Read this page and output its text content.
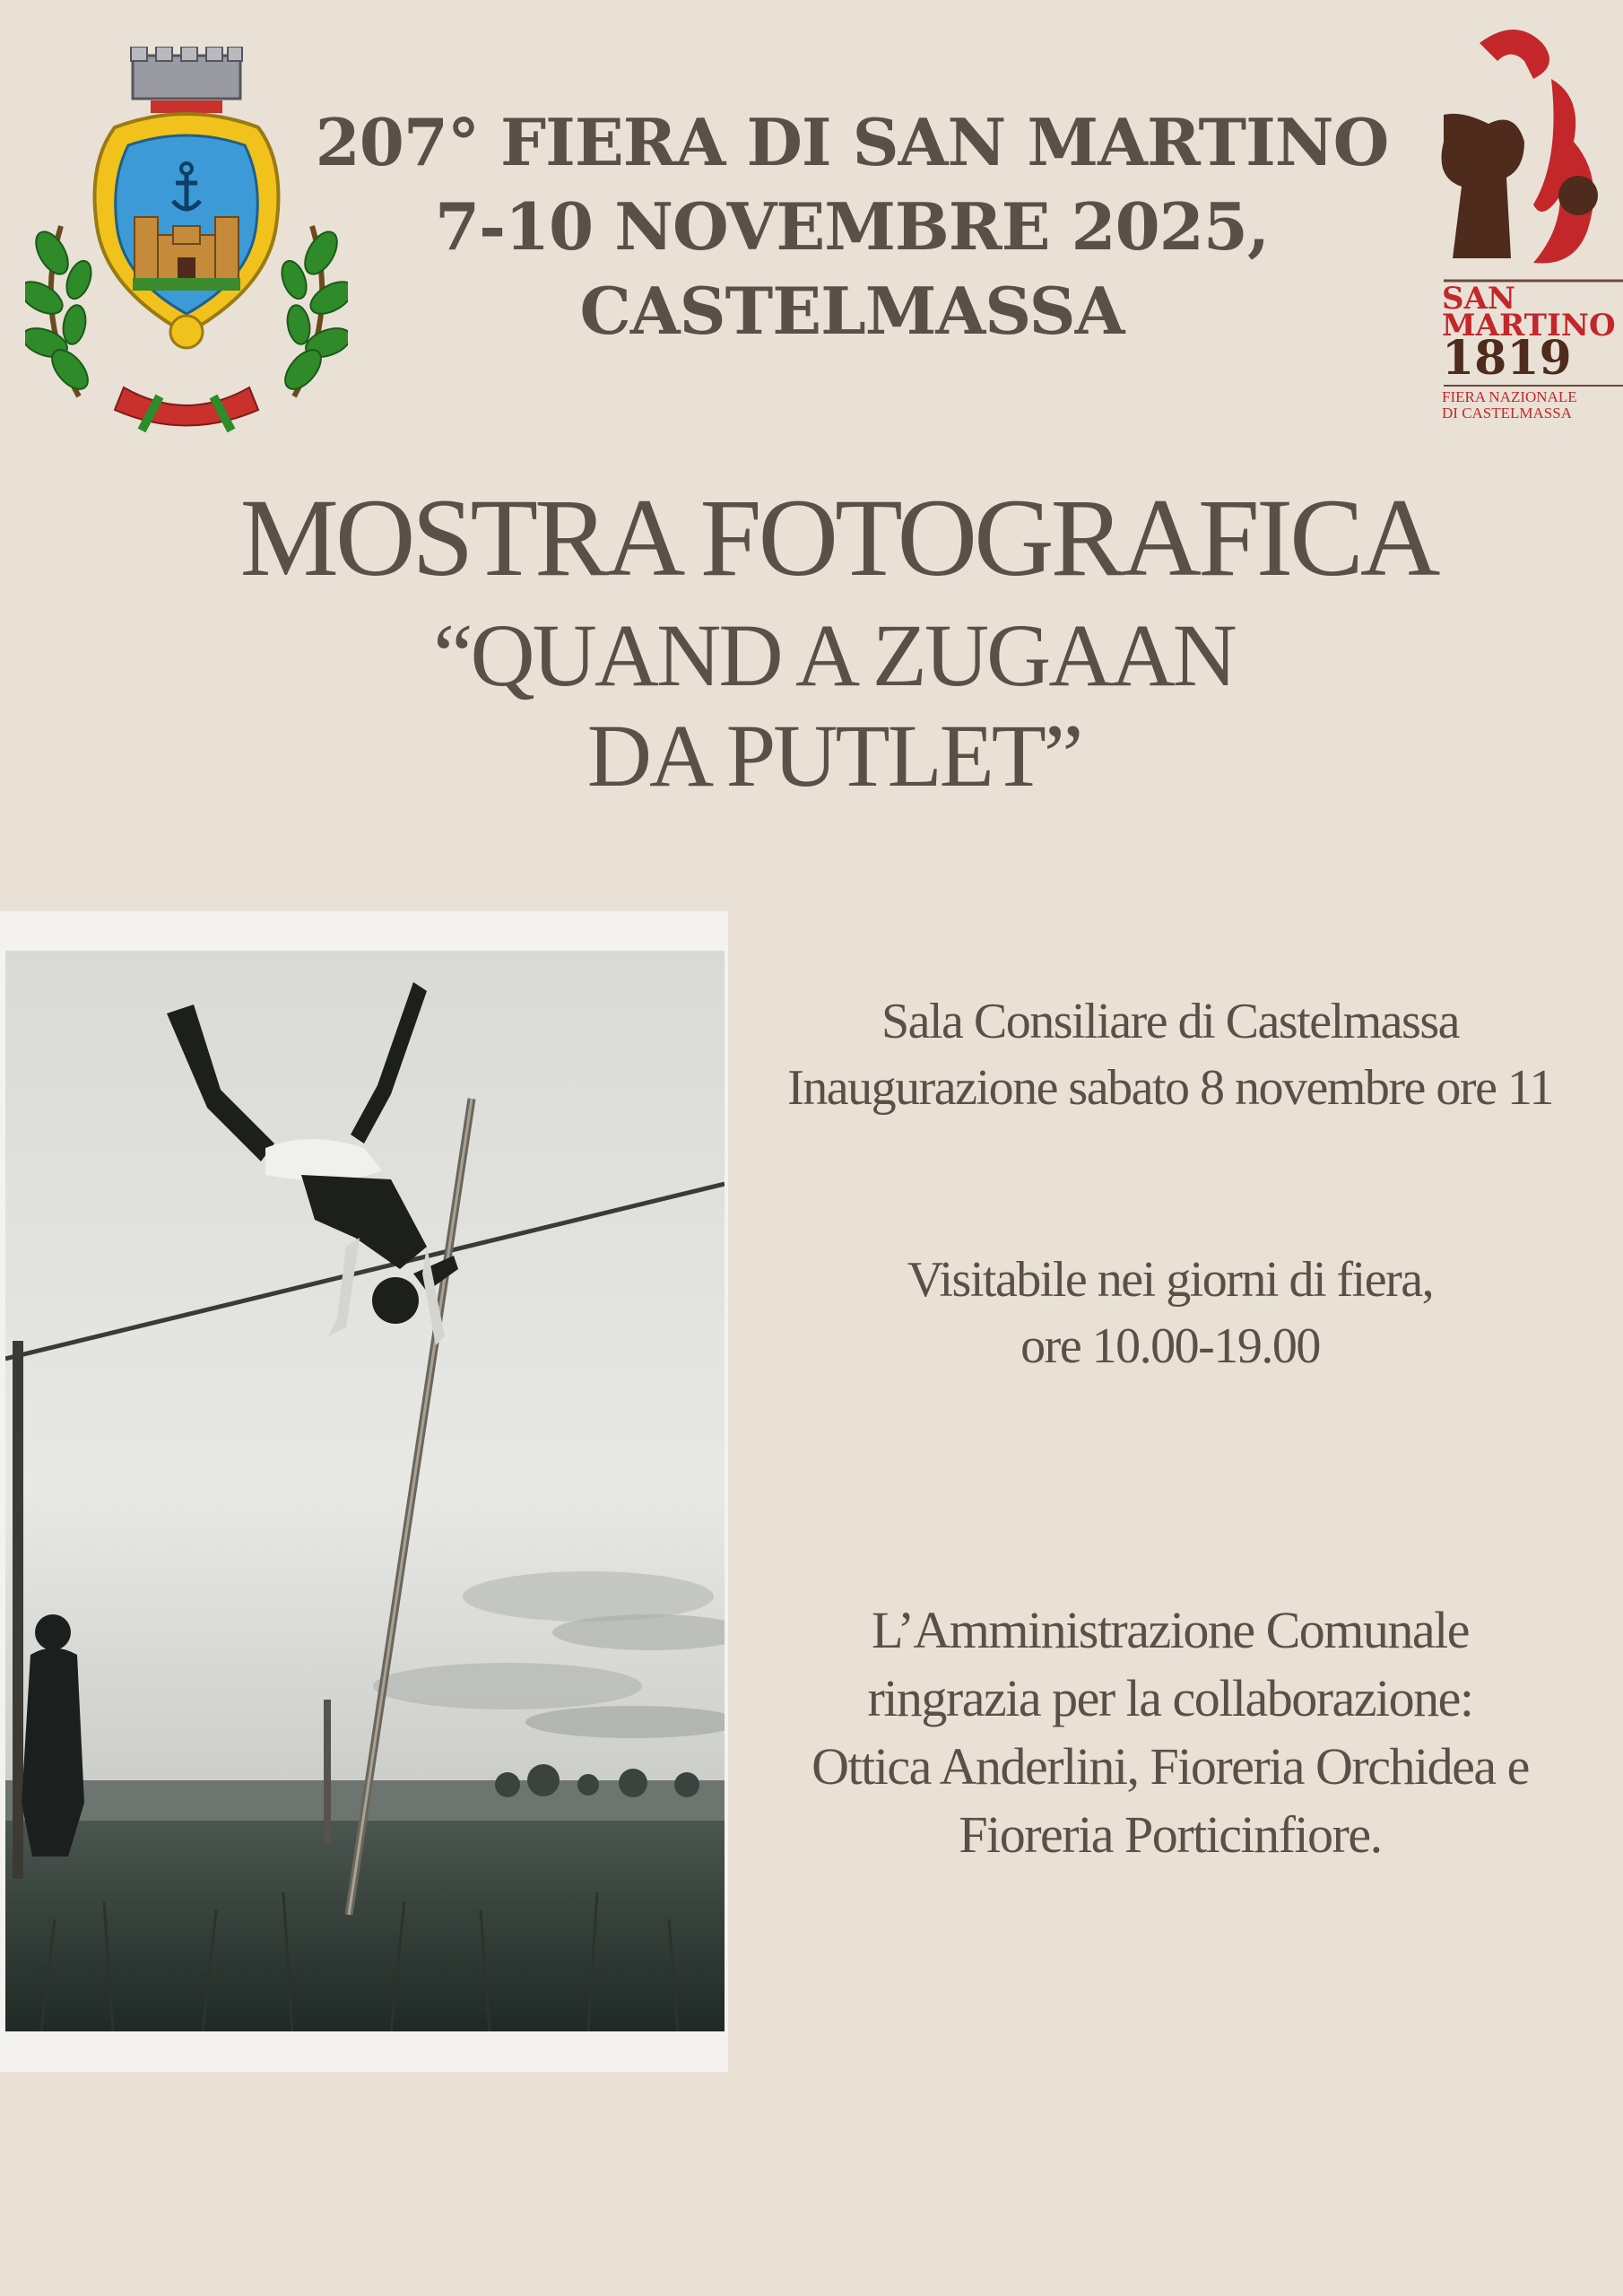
SAN
MARTINO
1819
FIERA NAZIONALE
DI CASTELMASSA
207° FIERA DI SAN MARTINO
7-10 NOVEMBRE 2025,
CASTELMASSA
MOSTRA FOTOGRAFICA
“QUAND A ZUGAAN
DA PUTLET”
Sala Consiliare di Castelmassa
Inaugurazione sabato 8 novembre ore 11
Visitabile nei giorni di fiera,
ore 10.00-19.00
L’Amministrazione Comunale
ringrazia per la collaborazione:
Ottica Anderlini, Fioreria Orchidea e
Fioreria Porticinfiore.
